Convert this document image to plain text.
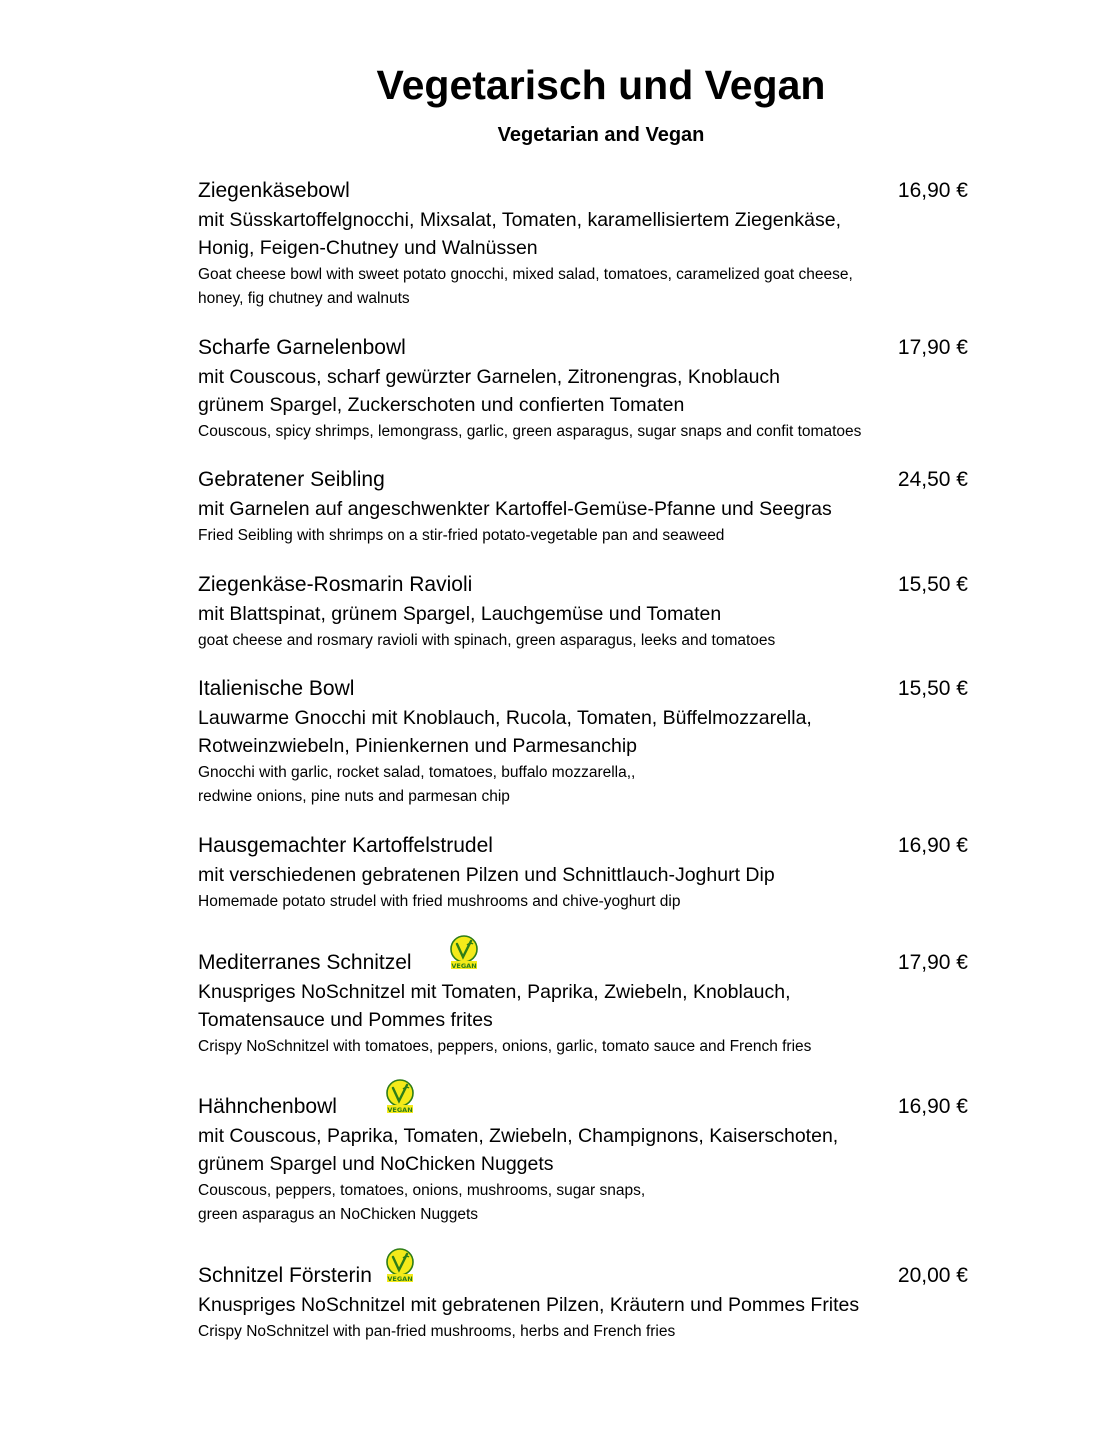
Vegetarisch und Vegan
Vegetarian and Vegan
Ziegenkäsebowl	16,90 €
mit Süsskartoffelgnocchi, Mixsalat, Tomaten, karamellisiertem Ziegenkäse,
Honig, Feigen-Chutney und Walnüssen
Goat cheese bowl with sweet potato gnocchi, mixed salad, tomatoes, caramelized goat cheese,
honey, fig chutney and walnuts
Scharfe Garnelenbowl	17,90 €
mit Couscous, scharf gewürzter Garnelen, Zitronengras, Knoblauch
grünem Spargel, Zuckerschoten und confierten Tomaten
Couscous, spicy shrimps, lemongrass, garlic, green asparagus, sugar snaps and confit tomatoes
Gebratener Seibling	24,50 €
mit Garnelen auf angeschwenkter Kartoffel-Gemüse-Pfanne und Seegras
Fried Seibling with shrimps on a stir-fried potato-vegetable pan and seaweed
Ziegenkäse-Rosmarin Ravioli	15,50 €
mit Blattspinat, grünem Spargel, Lauchgemüse und Tomaten
goat cheese and rosmary ravioli with spinach, green asparagus, leeks and tomatoes
Italienische Bowl	15,50 €
Lauwarme Gnocchi mit Knoblauch, Rucola, Tomaten, Büffelmozzarella,
Rotweinzwiebeln, Pinienkernen und Parmesanchip
Gnocchi with garlic, rocket salad, tomatoes, buffalo mozzarella,,
redwine onions, pine nuts and parmesan chip
Hausgemachter Kartoffelstrudel	16,90 €
mit verschiedenen gebratenen Pilzen und Schnittlauch-Joghurt Dip
Homemade potato strudel with fried mushrooms and chive-yoghurt dip
Mediterranes Schnitzel	17,90 €
VEGAN
Knuspriges NoSchnitzel mit Tomaten, Paprika, Zwiebeln, Knoblauch,
Tomatensauce und Pommes frites
Crispy NoSchnitzel with tomatoes, peppers, onions, garlic, tomato sauce and French fries
Hähnchenbowl	16,90 €
VEGAN
mit Couscous, Paprika, Tomaten, Zwiebeln, Champignons, Kaiserschoten,
grünem Spargel und NoChicken Nuggets
Couscous, peppers, tomatoes, onions, mushrooms, sugar snaps,
green asparagus an NoChicken Nuggets
Schnitzel Försterin	20,00 €
VEGAN
Knuspriges NoSchnitzel mit gebratenen Pilzen, Kräutern und Pommes Frites
Crispy NoSchnitzel with pan-fried mushrooms, herbs and French fries
